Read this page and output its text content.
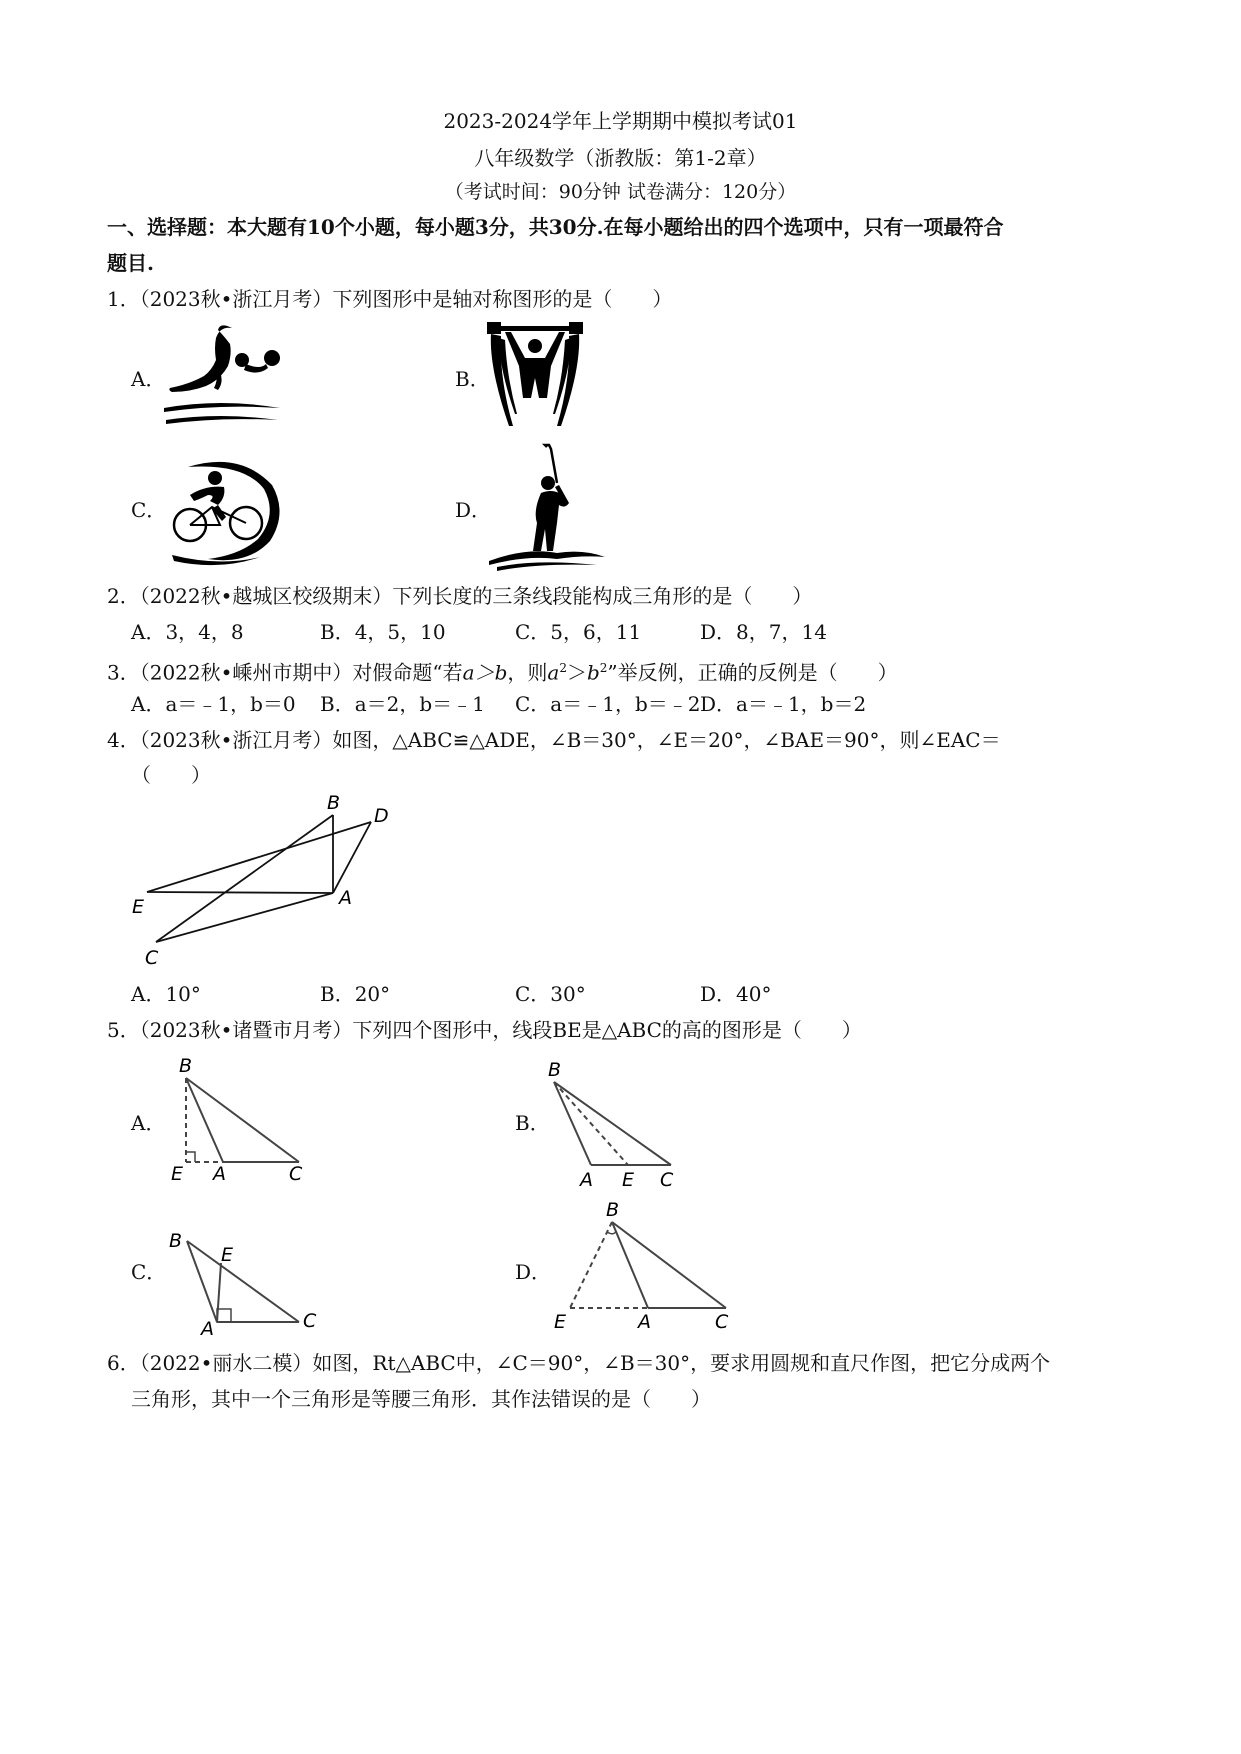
2023-2024学年上学期期中模拟考试01
八年级数学（浙教版：第1-2章）
（考试时间：90分钟 试卷满分：120分）
一、选择题：本大题有10个小题，每小题3分，共30分.在每小题给出的四个选项中，只有一项最符合
题目.
1．（2023秋•浙江月考）下列图形中是轴对称图形的是（　　）
A．	B．
C．	D．
2．（2022秋•越城区校级期末）下列长度的三条线段能构成三角形的是（　　）
A．3，4，8	B．4，5，10	C．5，6，11	D．8，7，14
3．（2022秋•嵊州市期中）对假命题“若a＞b，则$a^2>b^2$”举反例，正确的反例是（　　）
A．a＝﹣1，b＝0 B．a＝2，b＝﹣1 C．a＝﹣1，b＝﹣2 D．a＝﹣1，b＝2
4．（2023秋•浙江月考）如图，△ABC≌△ADE，∠B＝30°，∠E＝20°，∠BAE＝90°，则∠EAC＝
（　　）
B
D
E	A
C
A．10°	B．20°	C．30°	D．40°
5．（2023秋•诸暨市月考）下列四个图形中，线段BE是△ABC的高的图形是（　　）
A．	B．
C．	D．
B
E A	C
B
A E C
B
E
A	C
B
E	A	C
6．（2022•丽水二模）如图，Rt△ABC中，∠C＝90°，∠B＝30°，要求用圆规和直尺作图，把它分成两个
三角形，其中一个三角形是等腰三角形．其作法错误的是（　　）
